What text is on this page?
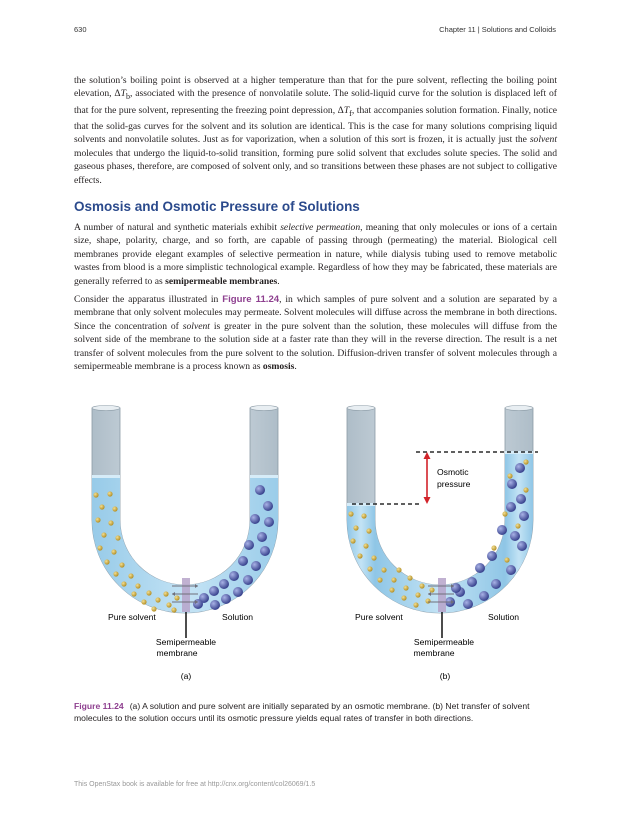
630	Chapter 11 | Solutions and Colloids

the solution’s boiling point is observed at a higher temperature than that for the pure solvent, reflecting the boiling point elevation, $\Delta T_b$, associated with the presence of nonvolatile solute. The solid-liquid curve for the solution is displaced left of that for the pure solvent, representing the freezing point depression, $\Delta T_f$, that accompanies solution formation. Finally, notice that the solid-gas curves for the solvent and its solution are identical. This is the case for many solutions comprising liquid solvents and nonvolatile solutes. Just as for vaporization, when a solution of this sort is frozen, it is actually just the solvent molecules that undergo the liquid-to-solid transition, forming pure solid solvent that excludes solute species. The solid and gaseous phases, therefore, are composed of solvent only, and so transitions between these phases are not subject to colligative effects.

Osmosis and Osmotic Pressure of Solutions

A number of natural and synthetic materials exhibit selective permeation, meaning that only molecules or ions of a certain size, shape, polarity, charge, and so forth, are capable of passing through (permeating) the material. Biological cell membranes provide elegant examples of selective permeation in nature, while dialysis tubing used to remove metabolic wastes from blood is a more simplistic technological example. Regardless of how they may be fabricated, these materials are generally referred to as semipermeable membranes.

Consider the apparatus illustrated in Figure 11.24, in which samples of pure solvent and a solution are separated by a membrane that only solvent molecules may permeate. Solvent molecules will diffuse across the membrane in both directions. Since the concentration of solvent is greater in the pure solvent than the solution, these molecules will diffuse from the solvent side of the membrane to the solution side at a faster rate than they will in the reverse direction. The result is a net transfer of solvent molecules from the pure solvent to the solution. Diffusion-driven transfer of solvent molecules through a semipermeable membrane is a process known as osmosis.

Pure solvent	Solution
Semipermeable
membrane
(a)
Osmotic
pressure
Pure solvent	Solution
Semipermeable
membrane
(b)
Figure 11.24 (a) A solution and pure solvent are initially separated by an osmotic membrane. (b) Net transfer of solvent molecules to the solution occurs until its osmotic pressure yields equal rates of transfer in both directions.
This OpenStax book is available for free at http://cnx.org/content/col26069/1.5
